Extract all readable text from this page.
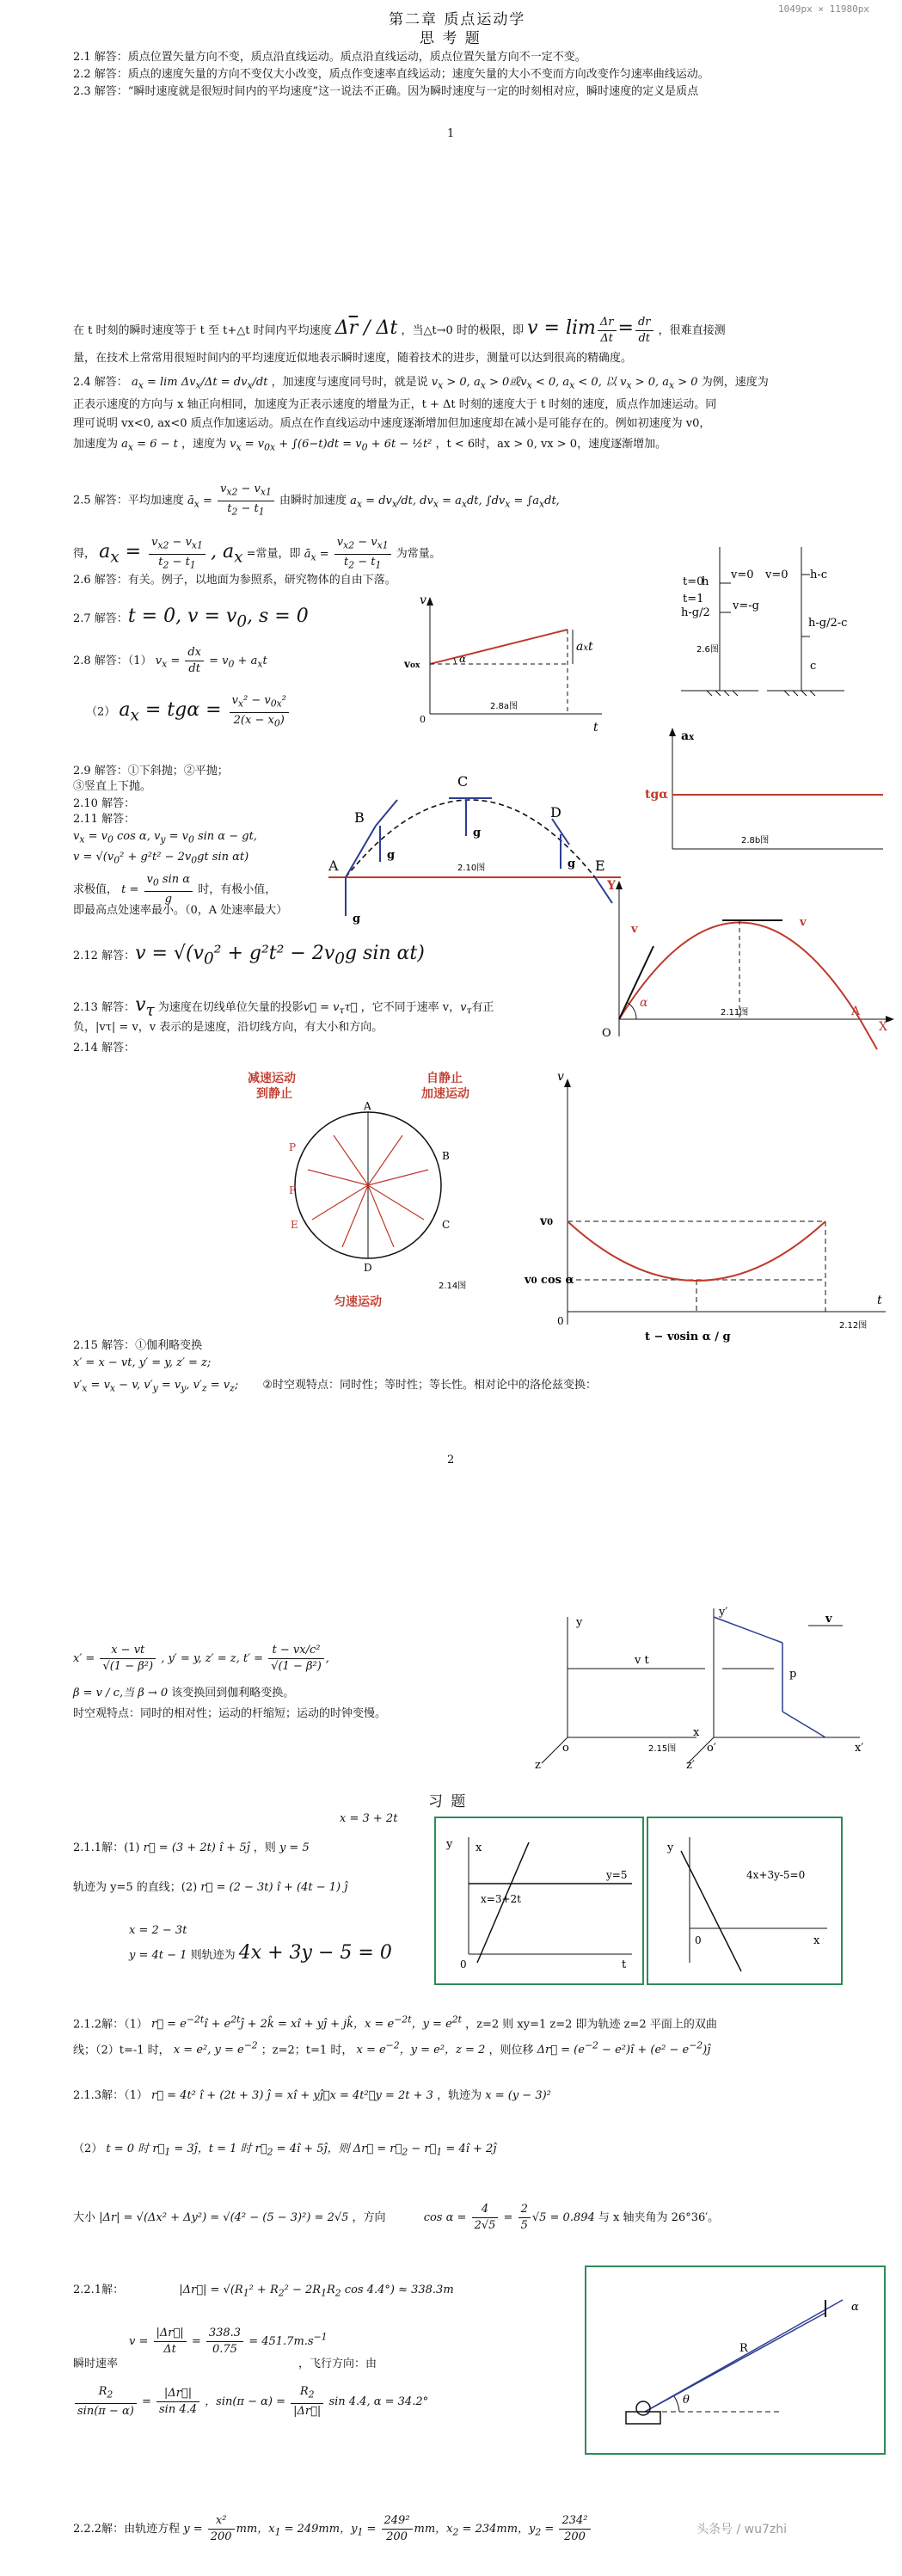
1049px × 11980px
第二章 质点运动学
思 考 题
2.1 解答：质点位置矢量方向不变，质点沿直线运动。质点沿直线运动，质点位置矢量方向不一定不变。
2.2 解答：质点的速度矢量的方向不变仅大小改变，质点作变速率直线运动；速度矢量的大小不变而方向改变作匀速率曲线运动。
2.3 解答：“瞬时速度就是很短时间内的平均速度”这一说法不正确。因为瞬时速度与一定的时刻相对应，瞬时速度的定义是质点
1
在 t 时刻的瞬时速度等于 t 至 t+△t 时间内平均速度 $\Delta\overline{r}$ / Δt ，当△t→0 时的极限，即 $v = \lim \frac{\Delta r}{\Delta t} = \frac{dr}{dt}$ ，很难直接测
量，在技术上常常用很短时间内的平均速度近似地表示瞬时速度，随着技术的进步，测量可以达到很高的精确度。
2.4 解答： $a_x = \lim \Delta v_x/\Delta t = dv_x/dt$ ，加速度与速度同号时，就是说 $v_x > 0$, $a_x > 0$或$v_x < 0$, $a_x < 0$, 以 $v_x > 0$, $a_x > 0$ 为例，速度为
正表示速度的方向与 x 轴正向相同，加速度为正表示速度的增量为正，t + Δt 时刻的速度大于 t 时刻的速度，质点作加速运动。同
理可说明 vx<0, ax<0 质点作加速运动。质点在作直线运动中速度逐渐增加但加速度却在减小是可能存在的。例如初速度为 v0，
加速度为 $a_x = 6 - t$ ，速度为 $v_x = v_{0x} + \int(6-t)dt = v_0 + 6t$ − ½t² ，t < 6时，ax > 0, vx > 0，速度逐渐增加。
2.5 解答：平均加速度 $ā_x = \frac{v_{x2} - v_{x1}}{t_2 - t_1}$ 由瞬时加速度 $a_x = dv_x/dt$, $dv_x = a_xdt$, $\int dv_x = \int a_xdt$,
得， $a_x = \frac{v_{x2} - v_{x1}}{t_2 - t_1}$ , $a_x$ =常量，即 $ā_x = \frac{v_{x2} - v_{x1}}{t_2 - t_1}$ 为常量。
2.6 解答：有关。例子，以地面为参照系，研究物体的自由下落。
2.7 解答：t = 0, $v = v_0$, s = 0
2.8 解答：（1） $v_x = \frac{dx}{dt} = v_0 + a_xt$
（2） $a_x = tg\alpha = \frac{v_x^2 - v_{0x}^2}{2(x - x_0)}$
2.9 解答：①下斜抛；②平抛；
③竖直上下抛。
2.10 解答：
2.11 解答：
$v_x = v_0$ cos α, $v_y = v_0$ sin α − gt,
$v = √(v_0^2 + g^2t^2 - 2v_0gt$ sin αt)
求极值， $t = \frac{v_0 \sin \alpha}{g}$ 时，有极小值，
即最高点处速率最小。（0，A 处速率最大）
2.12 解答：$v = √(v_0^2 + g^2t^2 - 2v_0g$ sin αt)
2.13 解答：$v_\tau$ 为速度在切线单位矢量的投影v⃗ = $v_\tau\tau⃗$ ，它不同于速率 v，$v_\tau$有正
负，|vτ| = v，v 表示的是速度，沿切线方向，有大小和方向。
2.14 解答：
2.15 解答：①伽利略变换
x′ = x − vt, y′ = y, z′ = z;
$v'_x = v_x - v$, $v'_y = v_y$, $v'_z = v_z$; ②时空观特点：同时性；等时性；等长性。相对论中的洛伦兹变换：
2
$x' = \frac{x - vt}{\text{√(1 − β²)}}$ , y′ = y, z′ = z, $t' = \frac{\text{t − vx/c²}}{\text{√(1 − β²)}}$ ,
β = v / c,当 β → 0 该变换回到伽利略变换。
时空观特点：同时的相对性；运动的杆缩短；运动的时钟变慢。
习 题
x = 3 + 2t
2.1.1解：(1) r⃗ = (3 + 2t) î + 5ĵ ，则 y = 5
轨迹为 y=5 的直线；(2) r⃗ = (2 − 3t) î + (4t − 1) ĵ
x = 2 − 3t
y = 4t − 1 则轨迹为 4x + 3y − 5 = 0
2.1.2解：（1） r⃗ = $e^{-2t}î$ + $e^{2t}ĵ$ + 2k̂ = xî + yĵ + jk̂，$x = e^{-2t}$，$y = e^{2t}$ ，z=2 则 xy=1 z=2 即为轨迹 z=2 平面上的双曲
线；（2）t=-1 时， x = e², $y = e^{-2}$ ；z=2；t=1 时， $x = e^{-2}$，y = e²，z = 2 ，则位移 Δr⃗ = ($e^{-2}$ − e²)î + $(e^2 - e^{-2})ĵ$
2.1.3解：（1） r⃗ = 4t² î + (2t + 3) ĵ = xî + yĵ，x = 4t²，y = 2t + 3 ，轨迹为 x = (y − 3)²
（2） t = 0 时 $r⃗_1$ = 3ĵ，t = 1 时 $r⃗_2$ = 4î + 5ĵ，则 Δr⃗ = $r⃗_2$ − $r⃗_1$ = 4î + 2ĵ
大小 |Δr| = √(Δx² + Δy²) = √(4² − (5 − 3)²) = 2√5 ，方向	$\cos \alpha = \frac{4}{2√5} = \frac{2}{5} √5 = 0.894$ 与 x 轴夹角为 26°36′。
2.2.1解：	|Δr⃗| = $√(R_1^2 + R_2^2 - 2R_1R_2$ cos 4.4°) ≈ 338.3m
$v = \frac{|\Delta r⃗|}{\Delta t} = \frac{338.3}{0.75} = 451.7m.s^{-1}$
瞬时速率	，飞行方向：由
$\frac{R_2}{\sin(\pi - \alpha)} = \frac{|\Delta r⃗|}{\sin 4.4}$ ，$\sin(\pi - \alpha) = \frac{R_2}{|\Delta r⃗|}$ sin 4.4, α = 34.2°
2.2.2解：由轨迹方程 $y = \frac{\text{x²}}{200}$ mm，$x_1 = 249mm$，$y_1 = \frac{\text{249²}}{200}$ mm，$x_2 = 234mm$，$y_2 = \frac{\text{234²}}{200}$
t=0
h
t=1
h-g/2
v=0 v=0
v=-g
h-c
h-g/2-c
c
2.6图
vox
α
axt
v
t
0
2.8a图
tgα
ax
2.8b图
A
B
C
D
E
g
g
g
g
2.10图
Y
α
O
A
X
v
v
2.11图
A
D
P
F
E
B
C
减速运动
到静止
自静止
加速运动
匀速运动
2.14图
v
v0
v0 cos α
0
t
t − v0sin α / g
2.12图
y
y′
v t
p
v
o	o′
z	z′
x
x′
2.15图
y x
y=5
x=3+2t
0	t
y
4x+3y-5=0
0	x
R
θ
α
头条号 / wu7zhi
